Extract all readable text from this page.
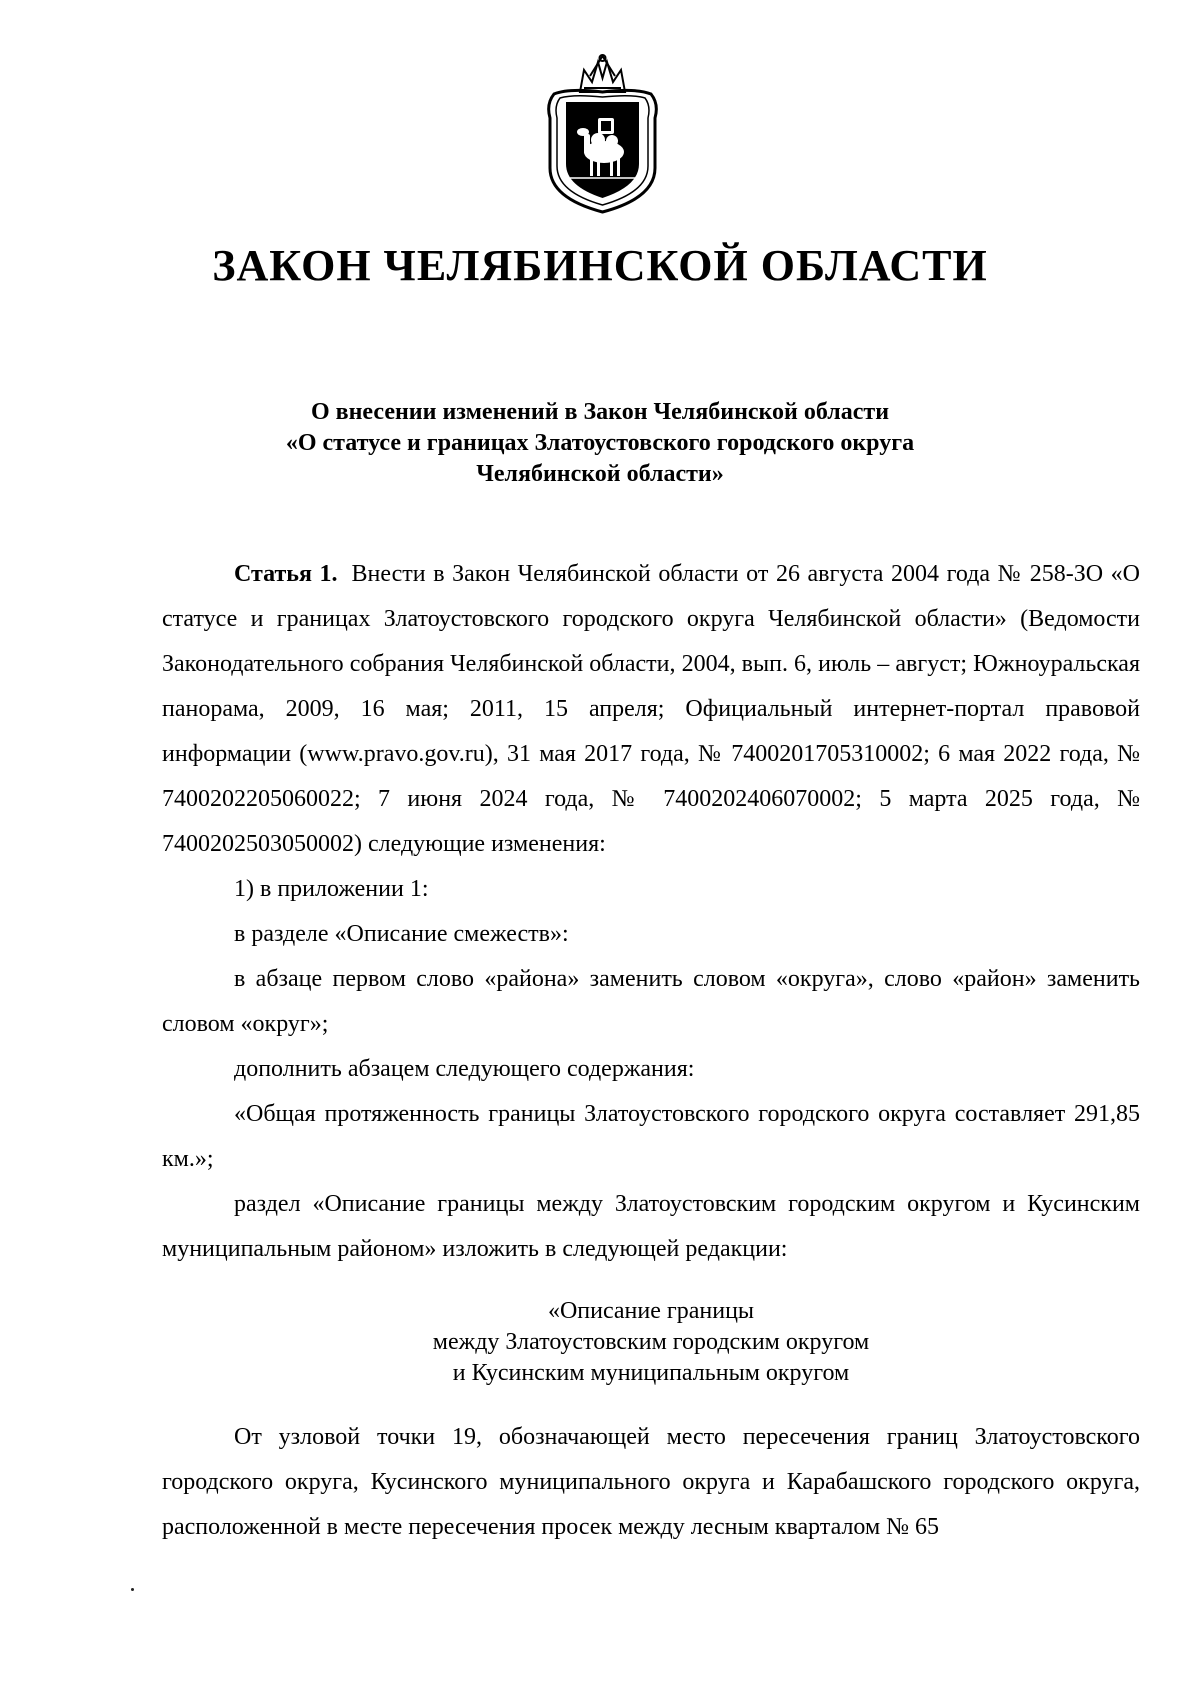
ЗАКОН ЧЕЛЯБИНСКОЙ ОБЛАСТИ
О внесении изменений в Закон Челябинской области
«О статусе и границах Златоустовского городского округа
Челябинской области»

Статья 1. Внести в Закон Челябинской области от 26 августа 2004 года № 258-ЗО «О статусе и границах Златоустовского городского округа Челябинской области» (Ведомости Законодательного собрания Челябинской области, 2004, вып. 6, июль – август; Южноуральская панорама, 2009, 16 мая; 2011, 15 апреля; Официальный интернет-портал правовой информации (www.pravo.gov.ru), 31 мая 2017 года, № 7400201705310002; 6 мая 2022 года, № 7400202205060022; 7 июня 2024 года, № 7400202406070002; 5 марта 2025 года, № 7400202503050002) следующие изменения:

1) в приложении 1:

в разделе «Описание смежеств»:

в абзаце первом слово «района» заменить словом «округа», слово «район» заменить словом «округ»;

дополнить абзацем следующего содержания:

«Общая протяженность границы Златоустовского городского округа составляет 291,85 км.»;

раздел «Описание границы между Златоустовским городским округом и Кусинским муниципальным районом» изложить в следующей редакции:

«Описание границы
между Златоустовским городским округом
и Кусинским муниципальным округом

От узловой точки 19, обозначающей место пересечения границ Златоустовского городского округа, Кусинского муниципального округа и Карабашского городского округа, расположенной в месте пересечения просек между лесным кварталом № 65
